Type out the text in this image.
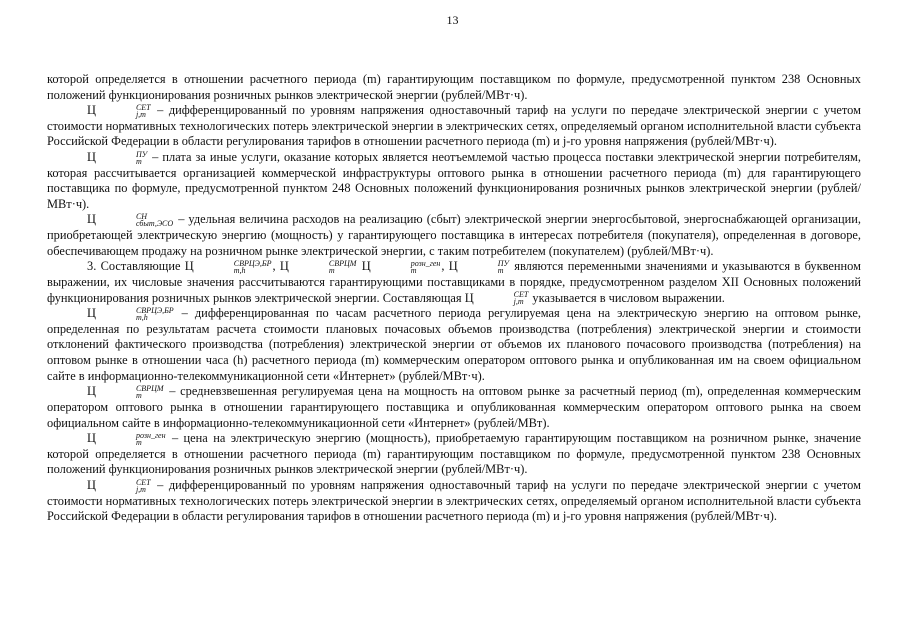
13

которой определяется в отношении расчетного периода (m) гарантирующим поставщиком по формуле, предусмотренной пунктом 238 Основных положений функционирования розничных рынков электрической энергии (рублей/МВт·ч).

Ц	СЕТ
j,m – дифференцированный по уровням напряжения одноставочный тариф на услуги по передаче электрической энергии с учетом стоимости нормативных технологических потерь электрической энергии в электрических сетях, определяемый органом исполнительной власти субъекта Российской Федерации в области регулирования тарифов в отношении расчетного периода (m) и j-го уровня напряжения (рублей/МВт·ч).

Ц	ПУ
m – плата за иные услуги, оказание которых является неотъемлемой частью процесса поставки электрической энергии потребителям, которая рассчитывается организацией коммерческой инфраструктуры оптового рынка в отношении расчетного периода (m) для гарантирующего поставщика по формуле, предусмотренной пунктом 248 Основных положений функционирования розничных рынков электрической энергии (рублей/МВт·ч).

Ц	СН
сбыт,ЭСО – удельная величина расходов на реализацию (сбыт) электрической энергии энергосбытовой, энергоснабжающей организации, приобретающей электрическую энергию (мощность) у гарантирующего поставщика в интересах потребителя (покупателя), определенная в договоре, обеспечивающем продажу на розничном рынке электрической энергии, с таким потребителем (покупателем) (рублей/МВт·ч).

3. Составляющие Ц	СВРЦЭ,БР
m,h	, Ц	СВРЦМ
m	Ц	розн_ген
m	, Ц	ПУ
m являются переменными значениями и указываются в буквенном выражении, их числовые значения рассчитываются гарантирующими поставщиками в порядке, предусмотренном разделом XII Основных положений функционирования розничных рынков электрической энергии. Составляющая Ц	СЕТ
j,m указывается в числовом выражении.

Ц	СВРЦЭ,БР
m,h	– дифференцированная по часам расчетного периода регулируемая цена на электрическую энергию на оптовом рынке, определенная по результатам расчета стоимости плановых почасовых объемов производства (потребления) электрической энергии и стоимости отклонений фактического производства (потребления) электрической энергии от объемов их планового почасового производства (потребления) на оптовом рынке в отношении часа (h) расчетного периода (m) коммерческим оператором оптового рынка и опубликованная им на своем официальном сайте в информационно-телекоммуникационной сети «Интернет» (рублей/МВт·ч).

Ц	СВРЦМ
m	– средневзвешенная регулируемая цена на мощность на оптовом рынке за расчетный период (m), определенная коммерческим оператором оптового рынка в отношении гарантирующего поставщика и опубликованная коммерческим оператором оптового рынка на своем официальном сайте в информационно-телекоммуникационной сети «Интернет» (рублей/МВт).

Ц	розн_ген
m	– цена на электрическую энергию (мощность), приобретаемую гарантирующим поставщиком на розничном рынке, значение которой определяется в отношении расчетного периода (m) гарантирующим поставщиком по формуле, предусмотренной пунктом 238 Основных положений функционирования розничных рынков электрической энергии (рублей/МВт·ч).

Ц	СЕТ
j,m – дифференцированный по уровням напряжения одноставочный тариф на услуги по передаче электрической энергии с учетом стоимости нормативных технологических потерь электрической энергии в электрических сетях, определяемый органом исполнительной власти субъекта Российской Федерации в области регулирования тарифов в отношении расчетного периода (m) и j-го уровня напряжения (рублей/МВт·ч).
